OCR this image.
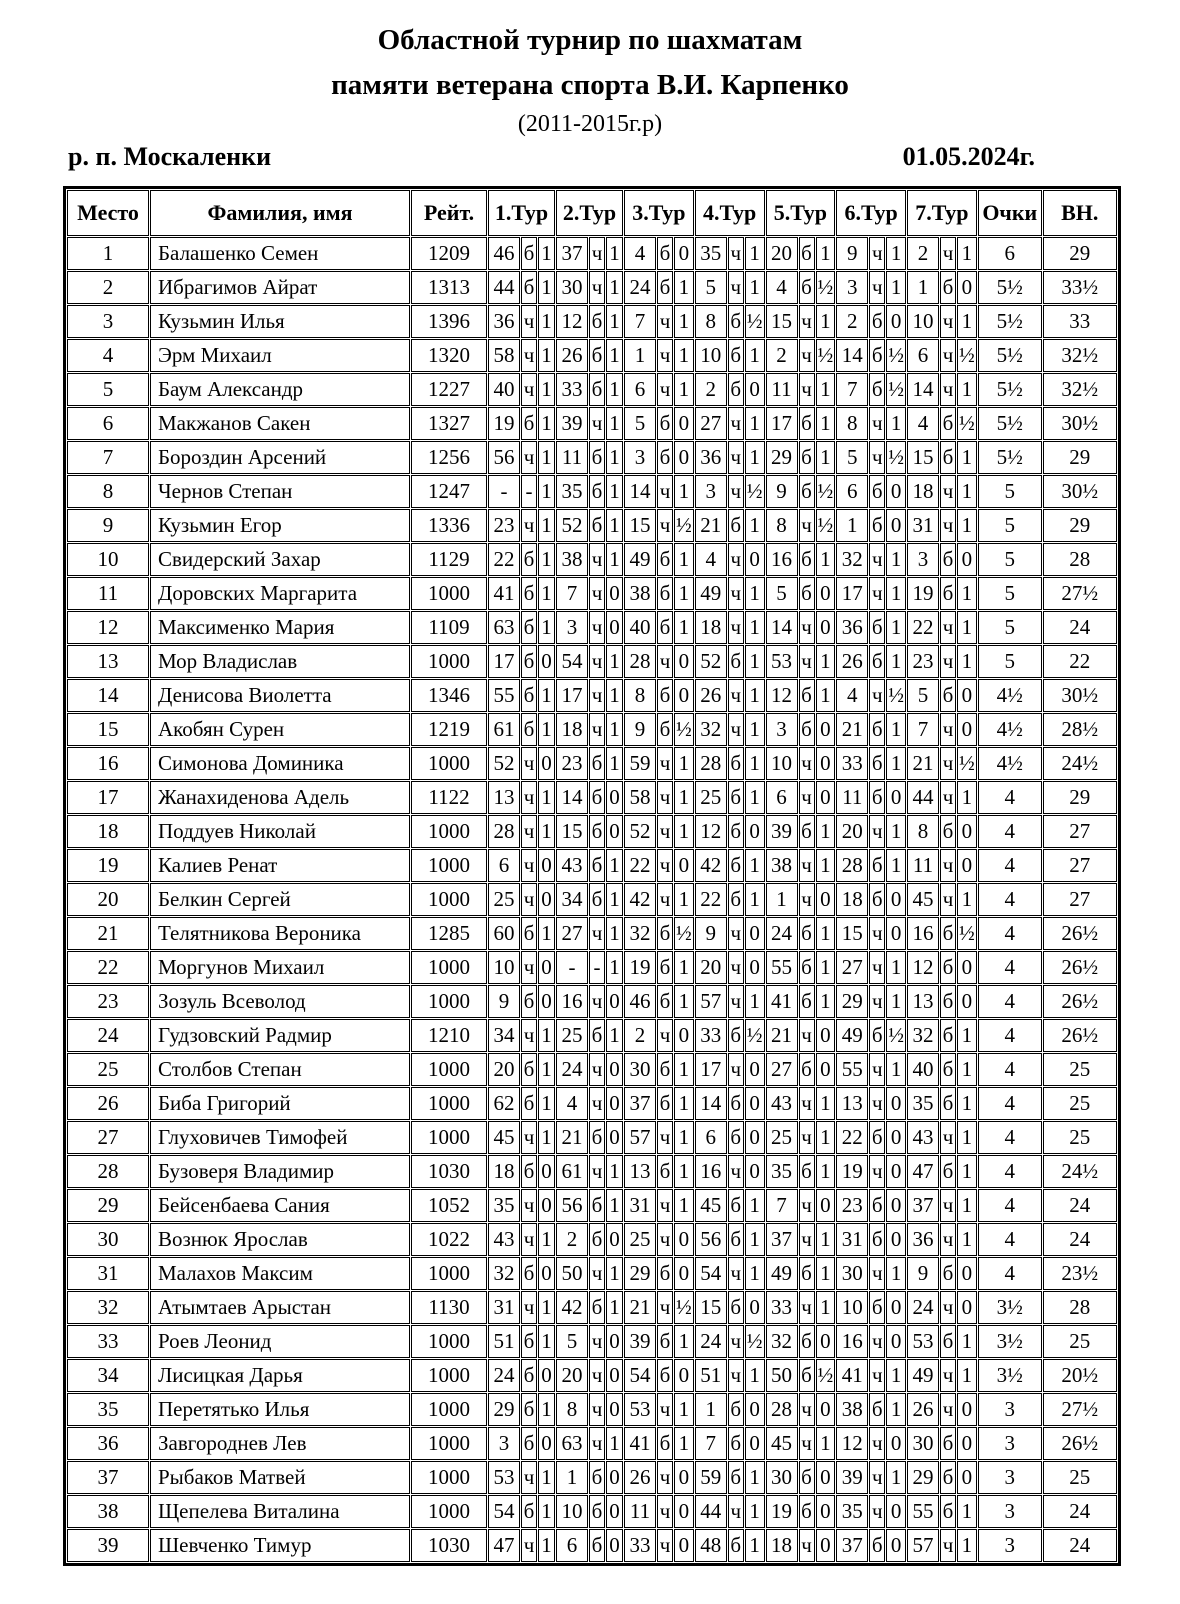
Областной турнир по шахматам
памяти ветерана спорта В.И. Карпенко
(2011-2015г.р)
р. п. Москаленки	01.05.2024г.
Место	Фамилия, имя	Рейт.	1.Тур			2.Тур			3.Тур			4.Тур			5.Тур			6.Тур			7.Тур			Очки	ВН.
1	Балашенко Семен	1209	46	б	1	37	ч	1	4	б	0	35	ч	1	20	б	1	9	ч	1	2	ч	1	6	29
2	Ибрагимов Айрат	1313	44	б	1	30	ч	1	24	б	1	5	ч	1	4	б	½	3	ч	1	1	б	0	5½	33½
3	Кузьмин Илья	1396	36	ч	1	12	б	1	7	ч	1	8	б	½	15	ч	1	2	б	0	10	ч	1	5½	33
4	Эрм Михаил	1320	58	ч	1	26	б	1	1	ч	1	10	б	1	2	ч	½	14	б	½	6	ч	½	5½	32½
5	Баум Александр	1227	40	ч	1	33	б	1	6	ч	1	2	б	0	11	ч	1	7	б	½	14	ч	1	5½	32½
6	Макжанов Сакен	1327	19	б	1	39	ч	1	5	б	0	27	ч	1	17	б	1	8	ч	1	4	б	½	5½	30½
7	Бороздин Арсений	1256	56	ч	1	11	б	1	3	б	0	36	ч	1	29	б	1	5	ч	½	15	б	1	5½	29
8	Чернов Степан	1247	-	-	1	35	б	1	14	ч	1	3	ч	½	9	б	½	6	б	0	18	ч	1	5	30½
9	Кузьмин Егор	1336	23	ч	1	52	б	1	15	ч	½	21	б	1	8	ч	½	1	б	0	31	ч	1	5	29
10	Свидерский Захар	1129	22	б	1	38	ч	1	49	б	1	4	ч	0	16	б	1	32	ч	1	3	б	0	5	28
11	Доровских Маргарита	1000	41	б	1	7	ч	0	38	б	1	49	ч	1	5	б	0	17	ч	1	19	б	1	5	27½
12	Максименко Мария	1109	63	б	1	3	ч	0	40	б	1	18	ч	1	14	ч	0	36	б	1	22	ч	1	5	24
13	Мор Владислав	1000	17	б	0	54	ч	1	28	ч	0	52	б	1	53	ч	1	26	б	1	23	ч	1	5	22
14	Денисова Виолетта	1346	55	б	1	17	ч	1	8	б	0	26	ч	1	12	б	1	4	ч	½	5	б	0	4½	30½
15	Акобян Сурен	1219	61	б	1	18	ч	1	9	б	½	32	ч	1	3	б	0	21	б	1	7	ч	0	4½	28½
16	Симонова Доминика	1000	52	ч	0	23	б	1	59	ч	1	28	б	1	10	ч	0	33	б	1	21	ч	½	4½	24½
17	Жанахиденова Адель	1122	13	ч	1	14	б	0	58	ч	1	25	б	1	6	ч	0	11	б	0	44	ч	1	4	29
18	Поддуев Николай	1000	28	ч	1	15	б	0	52	ч	1	12	б	0	39	б	1	20	ч	1	8	б	0	4	27
19	Калиев Ренат	1000	6	ч	0	43	б	1	22	ч	0	42	б	1	38	ч	1	28	б	1	11	ч	0	4	27
20	Белкин Сергей	1000	25	ч	0	34	б	1	42	ч	1	22	б	1	1	ч	0	18	б	0	45	ч	1	4	27
21	Телятникова Вероника	1285	60	б	1	27	ч	1	32	б	½	9	ч	0	24	б	1	15	ч	0	16	б	½	4	26½
22	Моргунов Михаил	1000	10	ч	0	-	-	1	19	б	1	20	ч	0	55	б	1	27	ч	1	12	б	0	4	26½
23	Зозуль Всеволод	1000	9	б	0	16	ч	0	46	б	1	57	ч	1	41	б	1	29	ч	1	13	б	0	4	26½
24	Гудзовский Радмир	1210	34	ч	1	25	б	1	2	ч	0	33	б	½	21	ч	0	49	б	½	32	б	1	4	26½
25	Столбов Степан	1000	20	б	1	24	ч	0	30	б	1	17	ч	0	27	б	0	55	ч	1	40	б	1	4	25
26	Биба Григорий	1000	62	б	1	4	ч	0	37	б	1	14	б	0	43	ч	1	13	ч	0	35	б	1	4	25
27	Глуховичев Тимофей	1000	45	ч	1	21	б	0	57	ч	1	6	б	0	25	ч	1	22	б	0	43	ч	1	4	25
28	Бузоверя Владимир	1030	18	б	0	61	ч	1	13	б	1	16	ч	0	35	б	1	19	ч	0	47	б	1	4	24½
29	Бейсенбаева Сания	1052	35	ч	0	56	б	1	31	ч	1	45	б	1	7	ч	0	23	б	0	37	ч	1	4	24
30	Вознюк Ярослав	1022	43	ч	1	2	б	0	25	ч	0	56	б	1	37	ч	1	31	б	0	36	ч	1	4	24
31	Малахов Максим	1000	32	б	0	50	ч	1	29	б	0	54	ч	1	49	б	1	30	ч	1	9	б	0	4	23½
32	Атымтаев Арыстан	1130	31	ч	1	42	б	1	21	ч	½	15	б	0	33	ч	1	10	б	0	24	ч	0	3½	28
33	Роев Леонид	1000	51	б	1	5	ч	0	39	б	1	24	ч	½	32	б	0	16	ч	0	53	б	1	3½	25
34	Лисицкая Дарья	1000	24	б	0	20	ч	0	54	б	0	51	ч	1	50	б	½	41	ч	1	49	ч	1	3½	20½
35	Перетятько Илья	1000	29	б	1	8	ч	0	53	ч	1	1	б	0	28	ч	0	38	б	1	26	ч	0	3	27½
36	Завгороднев Лев	1000	3	б	0	63	ч	1	41	б	1	7	б	0	45	ч	1	12	ч	0	30	б	0	3	26½
37	Рыбаков Матвей	1000	53	ч	1	1	б	0	26	ч	0	59	б	1	30	б	0	39	ч	1	29	б	0	3	25
38	Щепелева Виталина	1000	54	б	1	10	б	0	11	ч	0	44	ч	1	19	б	0	35	ч	0	55	б	1	3	24
39	Шевченко Тимур	1030	47	ч	1	6	б	0	33	ч	0	48	б	1	18	ч	0	37	б	0	57	ч	1	3	24
